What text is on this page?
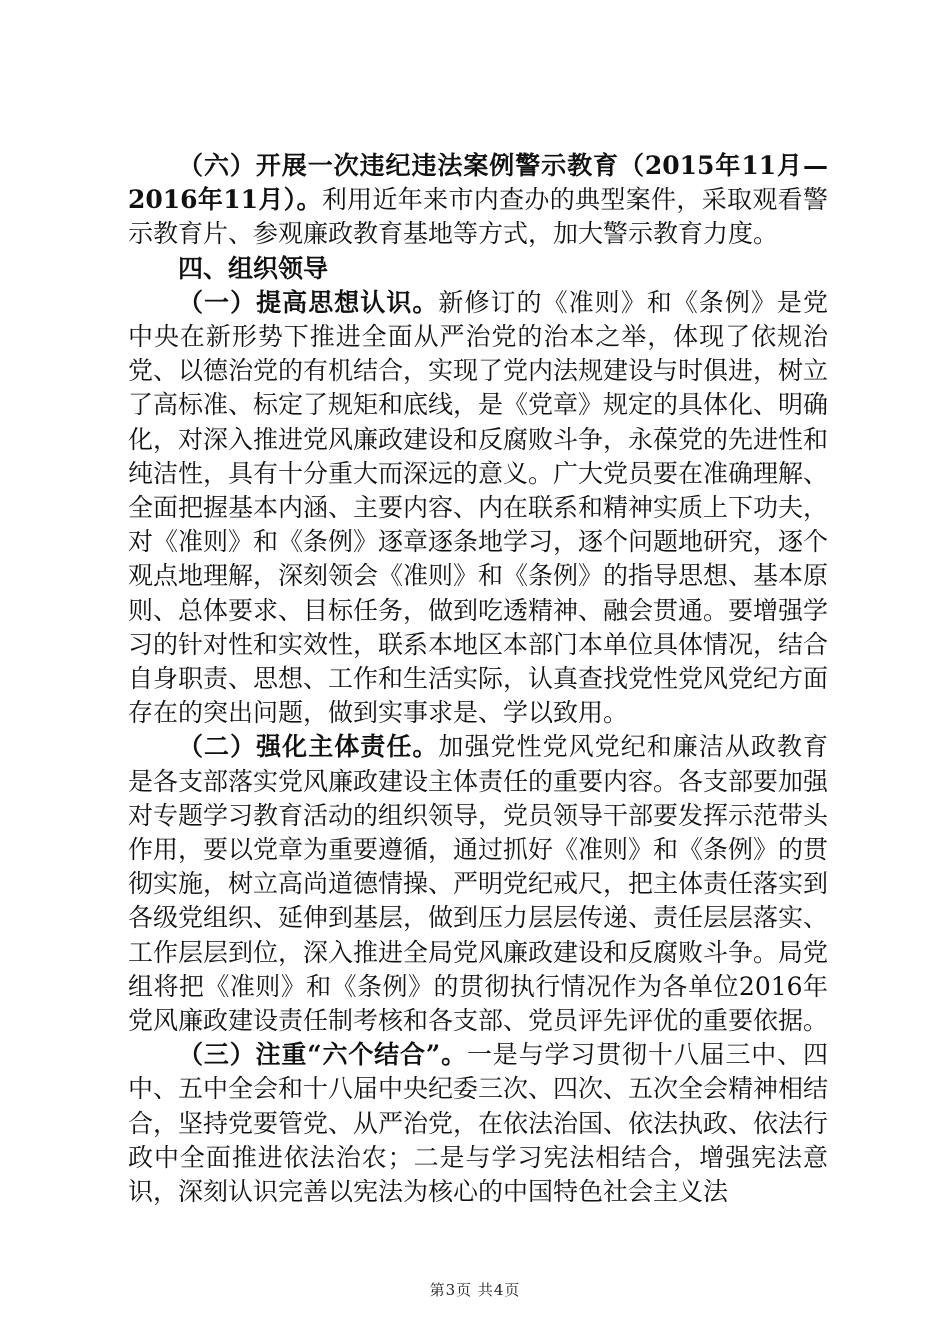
（六）开展一次违纪违法案例警示教育（2015年11月—2016年11月）。利用近年来市内查办的典型案件，采取观看警示教育片、参观廉政教育基地等方式，加大警示教育力度。

四、组织领导

（一）提高思想认识。新修订的《准则》和《条例》是党中央在新形势下推进全面从严治党的治本之举，体现了依规治党、以德治党的有机结合，实现了党内法规建设与时俱进，树立了高标准、标定了规矩和底线，是《党章》规定的具体化、明确化，对深入推进党风廉政建设和反腐败斗争，永葆党的先进性和纯洁性，具有十分重大而深远的意义。广大党员要在准确理解、全面把握基本内涵、主要内容、内在联系和精神实质上下功夫，对《准则》和《条例》逐章逐条地学习，逐个问题地研究，逐个观点地理解，深刻领会《准则》和《条例》的指导思想、基本原则、总体要求、目标任务，做到吃透精神、融会贯通。要增强学习的针对性和实效性，联系本地区本部门本单位具体情况，结合自身职责、思想、工作和生活实际，认真查找党性党风党纪方面存在的突出问题，做到实事求是、学以致用。

（二）强化主体责任。加强党性党风党纪和廉洁从政教育是各支部落实党风廉政建设主体责任的重要内容。各支部要加强对专题学习教育活动的组织领导，党员领导干部要发挥示范带头作用，要以党章为重要遵循，通过抓好《准则》和《条例》的贯彻实施，树立高尚道德情操、严明党纪戒尺，把主体责任落实到各级党组织、延伸到基层，做到压力层层传递、责任层层落实、工作层层到位，深入推进全局党风廉政建设和反腐败斗争。局党组将把《准则》和《条例》的贯彻执行情况作为各单位2016年党风廉政建设责任制考核和各支部、党员评先评优的重要依据。

（三）注重“六个结合”。一是与学习贯彻十八届三中、四中、五中全会和十八届中央纪委三次、四次、五次全会精神相结合，坚持党要管党、从严治党，在依法治国、依法执政、依法行政中全面推进依法治农；二是与学习宪法相结合，增强宪法意识，深刻认识完善以宪法为核心的中国特色社会主义法

第3页 共4页
